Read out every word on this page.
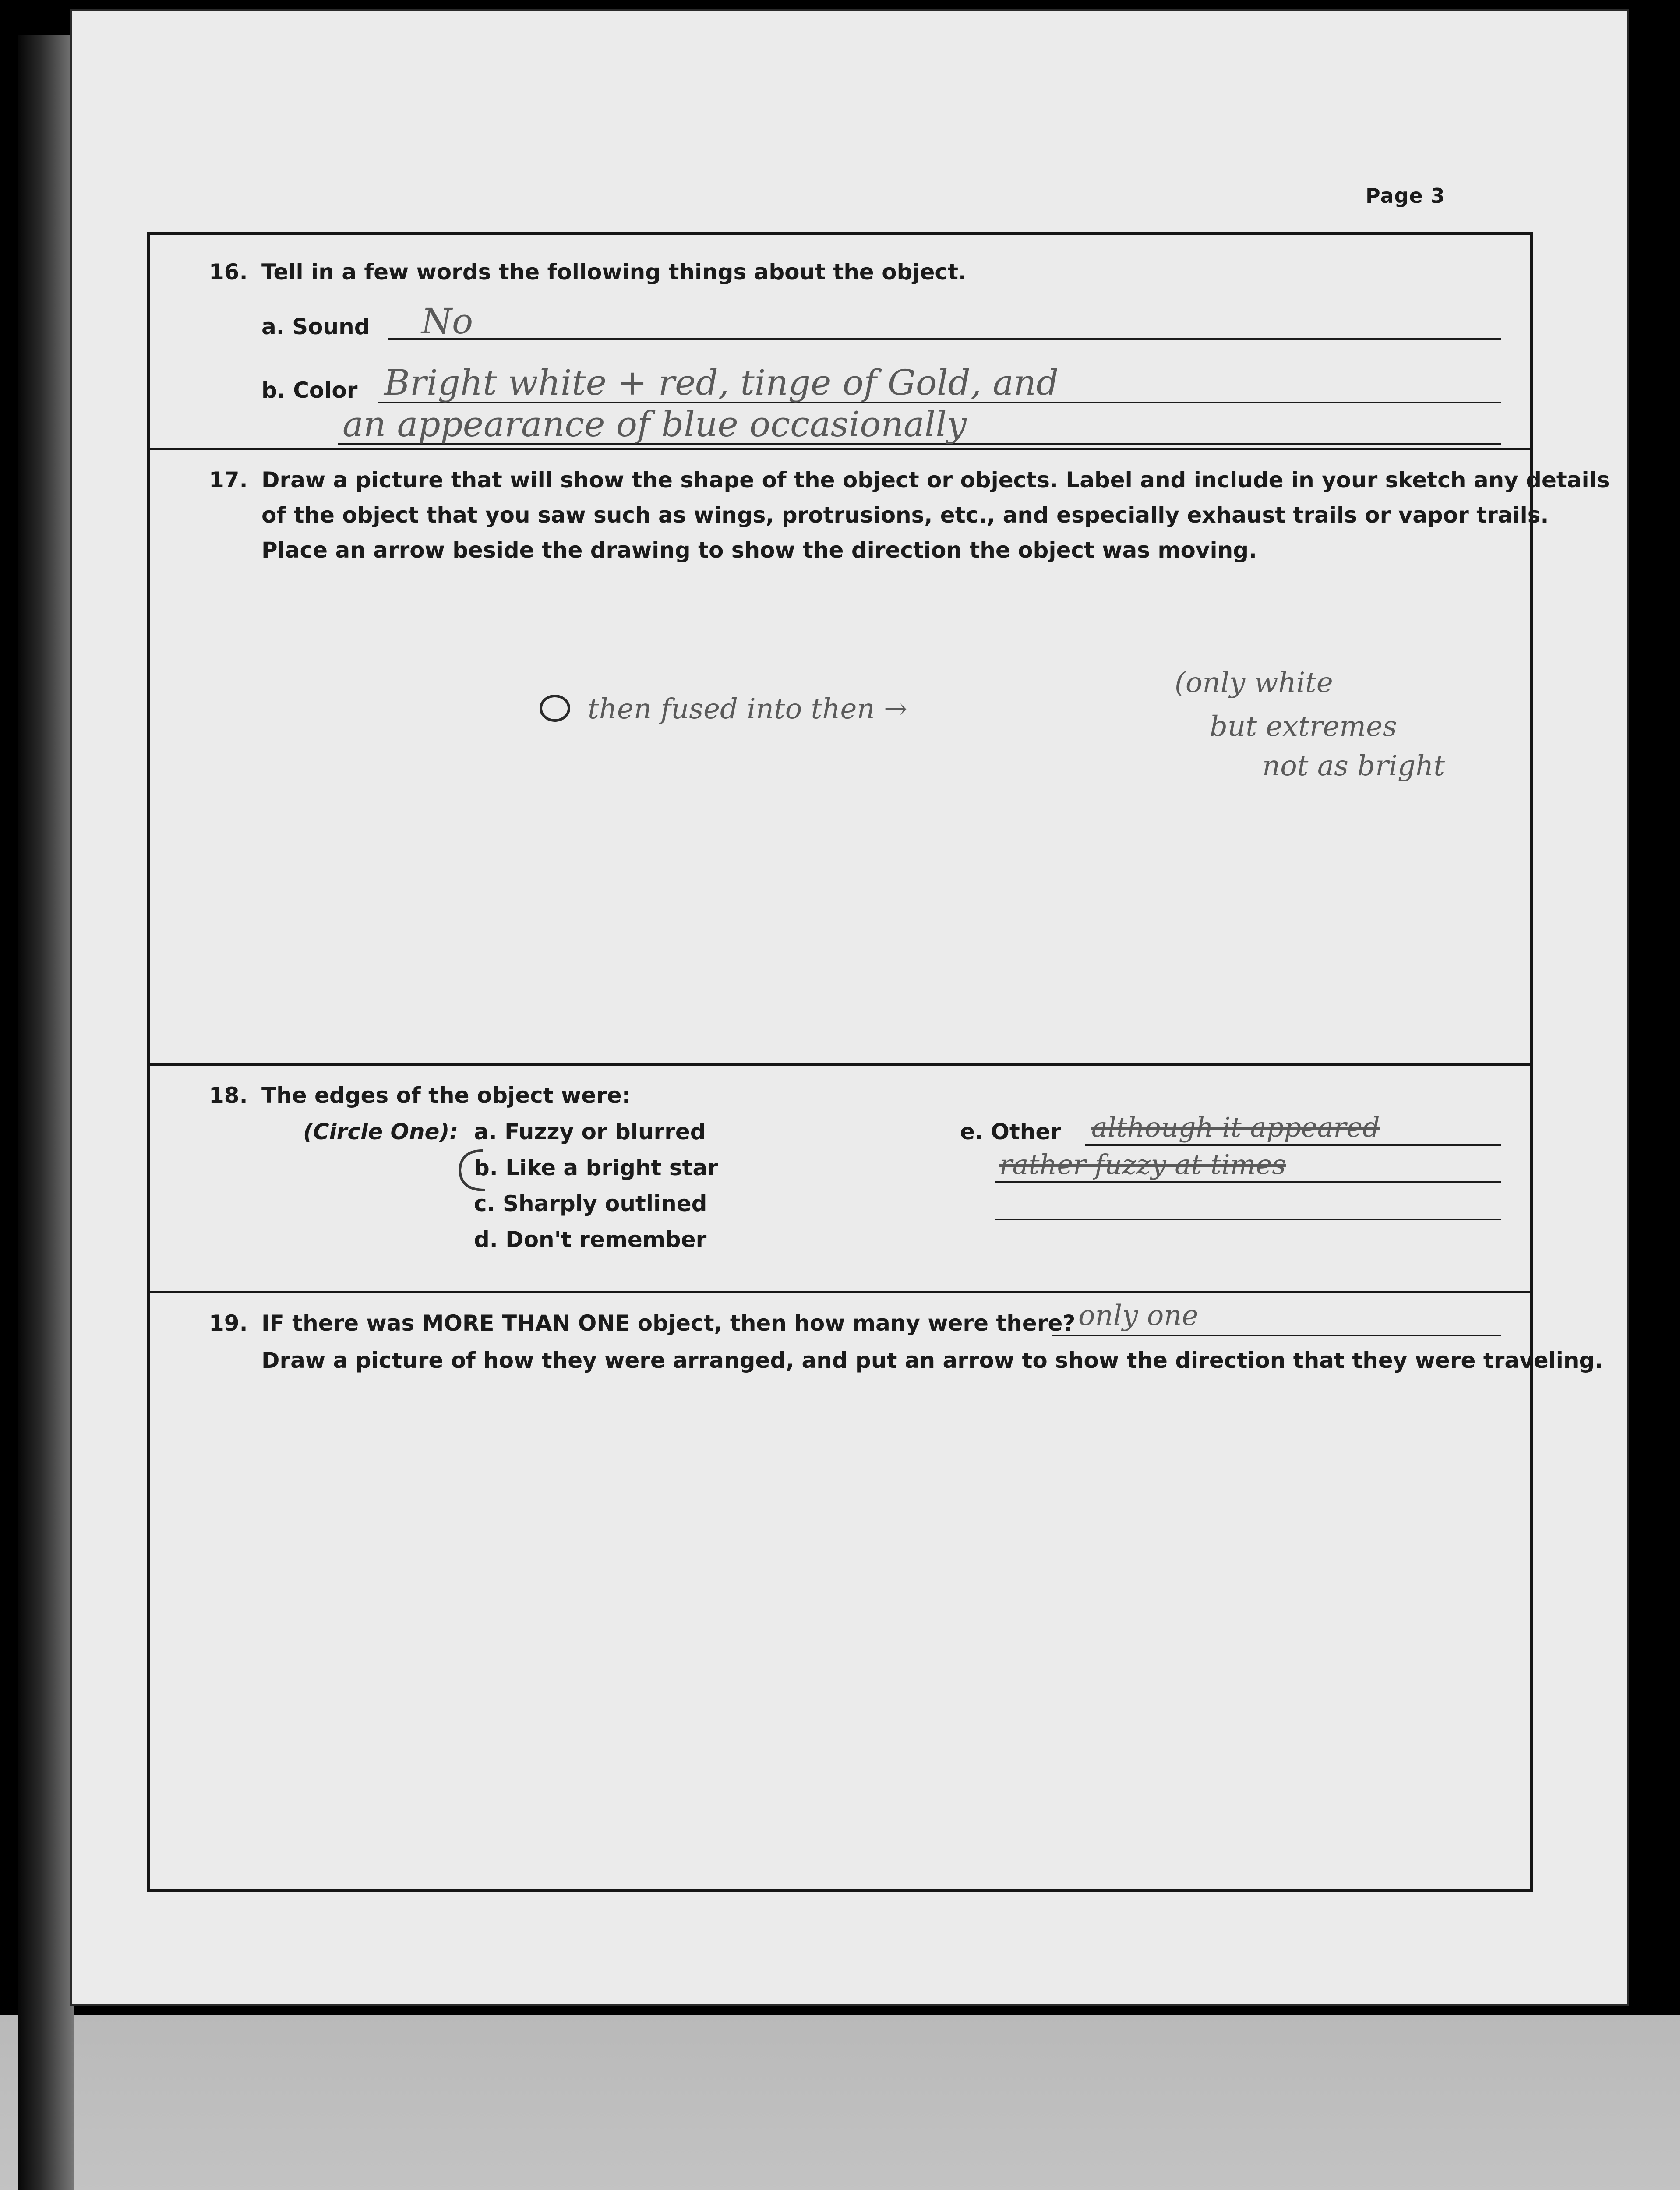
Page 3
16. Tell in a few words the following things about the object.
a. Sound No
b. Color Bright white + red, tinge of Gold, and
an appearance of blue occasionally
17. Draw a picture that will show the shape of the object or objects. Label and include in your sketch any details
of the object that you saw such as wings, protrusions, etc., and especially exhaust trails or vapor trails.
Place an arrow beside the drawing to show the direction the object was moving.
then fused into then →
(only white
but extremes
not as bright
18. The edges of the object were:
(Circle One): a. Fuzzy or blurred
b. Like a bright star
c. Sharply outlined
d. Don't remember
e. Other although it appeared
rather fuzzy at times
19. IF there was MORE THAN ONE object, then how many were there? only one
Draw a picture of how they were arranged, and put an arrow to show the direction that they were traveling.
